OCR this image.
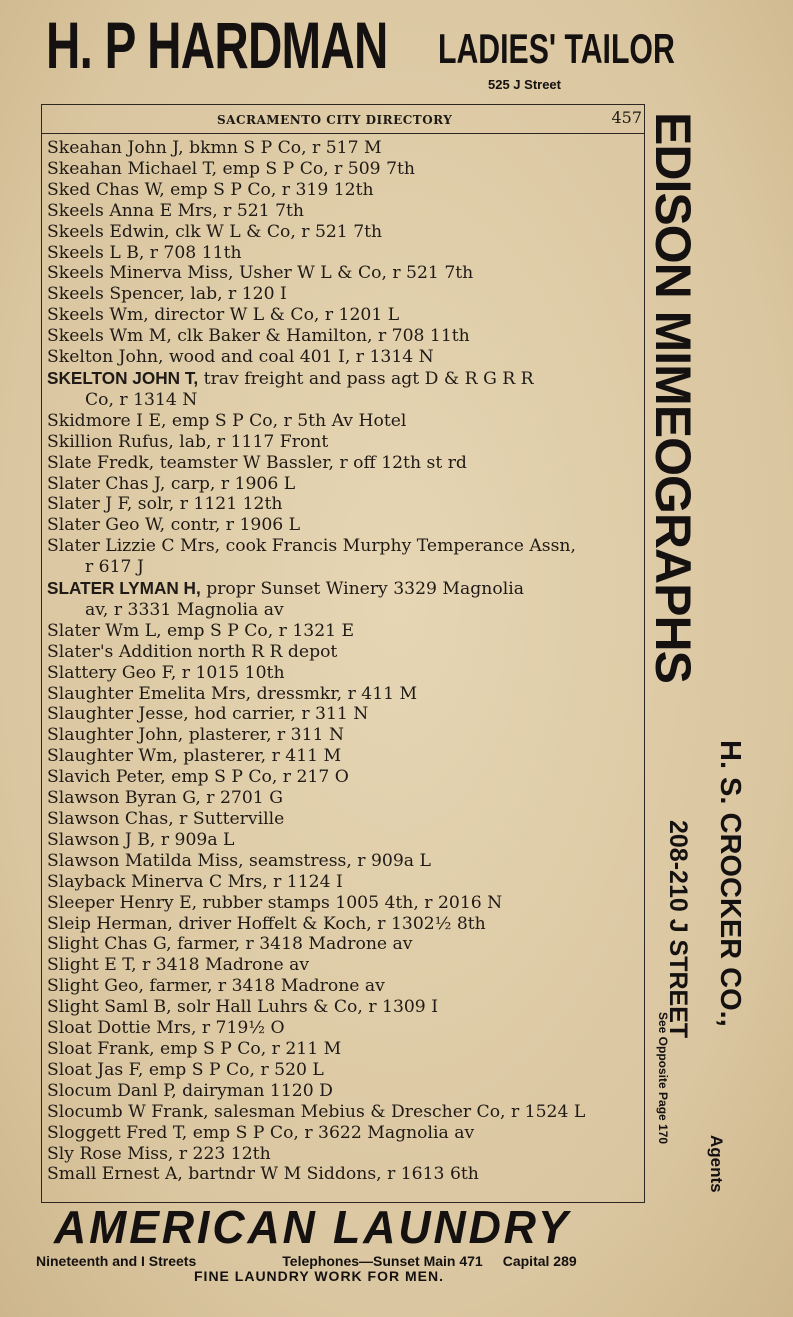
H. P HARDMAN LADIES' TAILOR
525 J Street
SACRAMENTO CITY DIRECTORY	457
Skeahan John J, bkmn S P Co, r 517 M
Skeahan Michael T, emp S P Co, r 509 7th
Sked Chas W, emp S P Co, r 319 12th
Skeels Anna E Mrs, r 521 7th
Skeels Edwin, clk W L & Co, r 521 7th
Skeels L B, r 708 11th
Skeels Minerva Miss, Usher W L & Co, r 521 7th
Skeels Spencer, lab, r 120 I
Skeels Wm, director W L & Co, r 1201 L
Skeels Wm M, clk Baker & Hamilton, r 708 11th
Skelton John, wood and coal 401 I, r 1314 N
SKELTON JOHN T, trav freight and pass agt D & R G R R
Co, r 1314 N
Skidmore I E, emp S P Co, r 5th Av Hotel
Skillion Rufus, lab, r 1117 Front
Slate Fredk, teamster W Bassler, r off 12th st rd
Slater Chas J, carp, r 1906 L
Slater J F, solr, r 1121 12th
Slater Geo W, contr, r 1906 L
Slater Lizzie C Mrs, cook Francis Murphy Temperance Assn,
r 617 J
SLATER LYMAN H, propr Sunset Winery 3329 Magnolia
av, r 3331 Magnolia av
Slater Wm L, emp S P Co, r 1321 E
Slater's Addition north R R depot
Slattery Geo F, r 1015 10th
Slaughter Emelita Mrs, dressmkr, r 411 M
Slaughter Jesse, hod carrier, r 311 N
Slaughter John, plasterer, r 311 N
Slaughter Wm, plasterer, r 411 M
Slavich Peter, emp S P Co, r 217 O
Slawson Byran G, r 2701 G
Slawson Chas, r Sutterville
Slawson J B, r 909a L
Slawson Matilda Miss, seamstress, r 909a L
Slayback Minerva C Mrs, r 1124 I
Sleeper Henry E, rubber stamps 1005 4th, r 2016 N
Sleip Herman, driver Hoffelt & Koch, r 1302½ 8th
Slight Chas G, farmer, r 3418 Madrone av
Slight E T, r 3418 Madrone av
Slight Geo, farmer, r 3418 Madrone av
Slight Saml B, solr Hall Luhrs & Co, r 1309 I
Sloat Dottie Mrs, r 719½ O
Sloat Frank, emp S P Co, r 211 M
Sloat Jas F, emp S P Co, r 520 L
Slocum Danl P, dairyman 1120 D
Slocumb W Frank, salesman Mebius & Drescher Co, r 1524 L
Sloggett Fred T, emp S P Co, r 3622 Magnolia av
Sly Rose Miss, r 223 12th
Small Ernest A, bartndr W M Siddons, r 1613 6th
EDISON MIMEOGRAPHS
H. S. CROCKER CO.,
Agents
208-210 J STREET
See Opposite Page 170
AMERICAN LAUNDRY
Nineteenth and I Streets	Telephones—Sunset Main 471 Capital 289
FINE LAUNDRY WORK FOR MEN.
